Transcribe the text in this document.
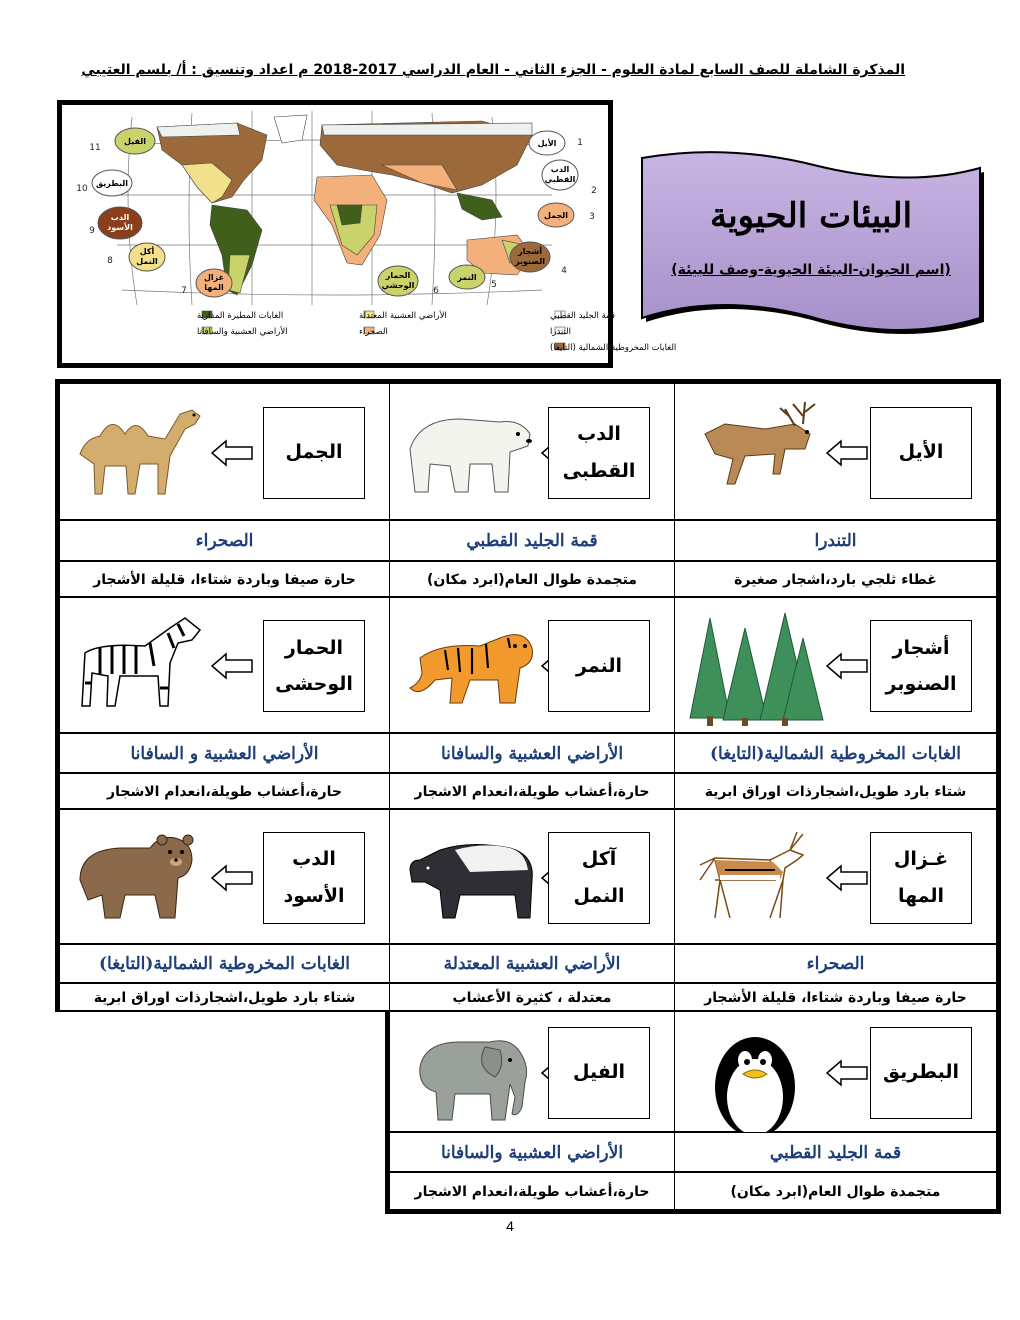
المذكرة الشاملة للصف السابع لمادة العلوم - الجزء الثاني - العام الدراسي 2017-2018 م اعداد وتنسيق : أ/ بلسم العتيبي
الفيل
البطريق
الدب
الأسود
أكل
النمل
غزال
المها
الحمار
الوحشي
النمر
أشجار
الصنوبر
الجمل
الدب
القطبي
الأيل
11
10
9
8
7	6
5
4
3
2
1
الغابات المطيرة المدارية
الأراضي العشبية والسافانا
الأراضي العشبية المعتدلة
الصحراء
قمة الجليد القطبي
التندرا
الغابات المخروطية الشمالية (التايغا)
البيئات الحيوية
(اسم الحيوان-البيئة الحيوية-وصف للبيئة)
الأيل
التندرا
غطاء ثلجي بارد،اشجار صغيرة
الدب
القطبى
قمة الجليد القطبي
متجمدة طوال العام(ابرد مكان)
الجمل
الصحراء
حارة صيفا وباردة شتاءا، قليلة الأشجار
أشجار
الصنوبر
الغابات المخروطية الشمالية(التايغا)
شتاء بارد طويل،اشجارذات اوراق ابرية
النمر
الأراضي العشبية والسافانا
حارة،أعشاب طويلة،انعدام الاشجار
الحمار
الوحشى
الأراضي العشبية و السافانا
حارة،أعشاب طويلة،انعدام الاشجار
غـزال
المها
الصحراء
حارة صيفا وباردة شتاءا، قليلة الأشجار
آكل
النمل
الأراضي العشبية المعتدلة
معتدلة ، كثيرة الأعشاب
الدب
الأسود
الغابات المخروطية الشمالية(التايغا)
شتاء بارد طويل،اشجارذات اوراق ابرية
البطريق
قمة الجليد القطبي
متجمدة طوال العام(ابرد مكان)
الفيل
الأراضي العشبية والسافانا
حارة،أعشاب طويلة،انعدام الاشجار
4
